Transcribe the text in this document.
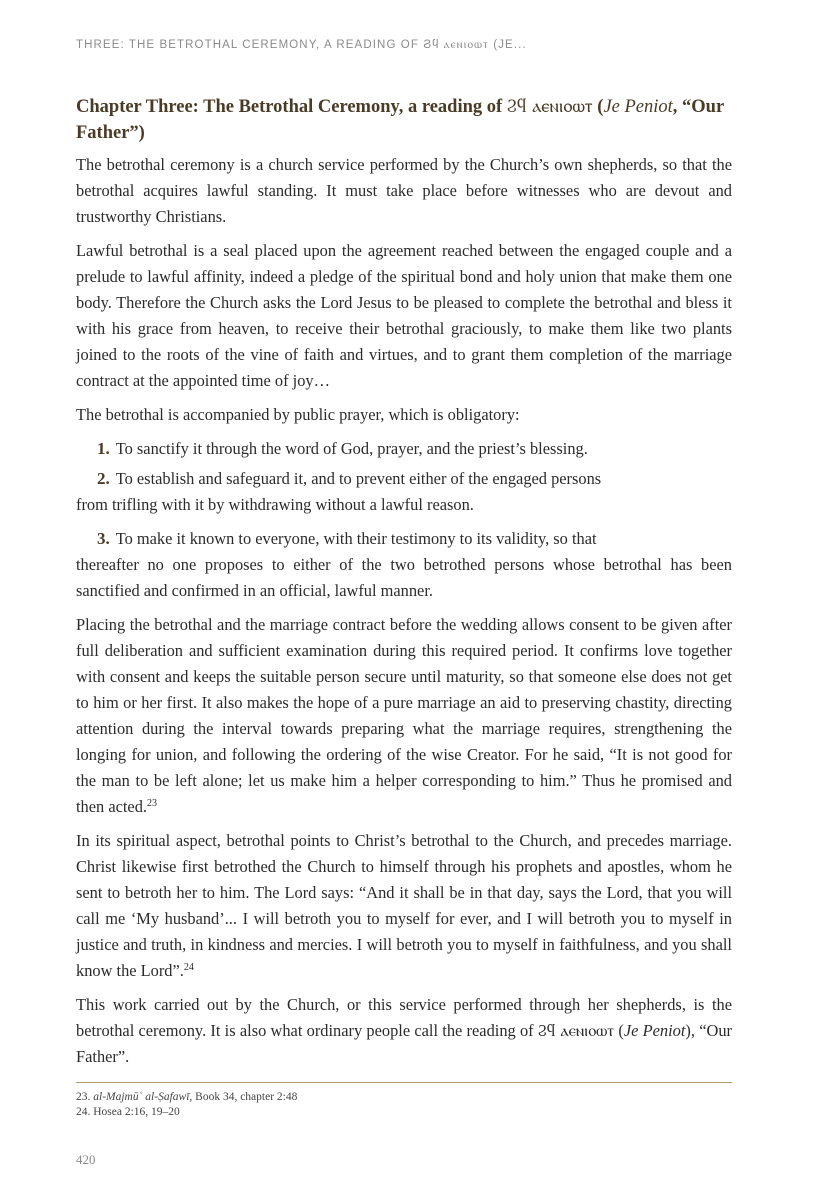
THREE: THE BETROTHAL CEREMONY, A READING OF Ϩϥ ⲁⲉⲛⲓⲟⲱⲧ (JE...
Chapter Three: The Betrothal Ceremony, a reading of Ϩϥ ⲁⲉⲛⲓⲟⲱⲧ (Je Peniot, “Our Father”)

The betrothal ceremony is a church service performed by the Church’s own shepherds, so that the betrothal acquires lawful standing. It must take place before witnesses who are devout and trustworthy Christians.

Lawful betrothal is a seal placed upon the agreement reached between the engaged couple and a prelude to lawful affinity, indeed a pledge of the spiritual bond and holy union that make them one body. Therefore the Church asks the Lord Jesus to be pleased to complete the betrothal and bless it with his grace from heaven, to receive their betrothal graciously, to make them like two plants joined to the roots of the vine of faith and virtues, and to grant them completion of the marriage contract at the appointed time of joy…

The betrothal is accompanied by public prayer, which is obligatory:

1. To sanctify it through the word of God, prayer, and the priest’s blessing.
2. To establish and safeguard it, and to prevent either of the engaged persons
from trifling with it by withdrawing without a lawful reason.
3. To make it known to everyone, with their testimony to its validity, so that
thereafter no one proposes to either of the two betrothed persons whose betrothal has been sanctified and confirmed in an official, lawful manner.

Placing the betrothal and the marriage contract before the wedding allows consent to be given after full deliberation and sufficient examination during this required period. It confirms love together with consent and keeps the suitable person secure until maturity, so that someone else does not get to him or her first. It also makes the hope of a pure marriage an aid to preserving chastity, directing attention during the interval towards preparing what the marriage requires, strengthening the longing for union, and following the ordering of the wise Creator. For he said, “It is not good for the man to be left alone; let us make him a helper corresponding to him.” Thus he promised and then acted.$^{23}$

In its spiritual aspect, betrothal points to Christ’s betrothal to the Church, and precedes marriage. Christ likewise first betrothed the Church to himself through his prophets and apostles, whom he sent to betroth her to him. The Lord says: “And it shall be in that day, says the Lord, that you will call me ‘My husband’... I will betroth you to myself for ever, and I will betroth you to myself in justice and truth, in kindness and mercies. I will betroth you to myself in faithfulness, and you shall know the Lord”.$^{24}$

This work carried out by the Church, or this service performed through her shepherds, is the betrothal ceremony. It is also what ordinary people call the reading of Ϩϥ ⲁⲉⲛⲓⲟⲱⲧ (Je Peniot), “Our Father”.

23. al-Majmūʿ al-Ṣafawī, Book 34, chapter 2:48
24. Hosea 2:16, 19–20
420
